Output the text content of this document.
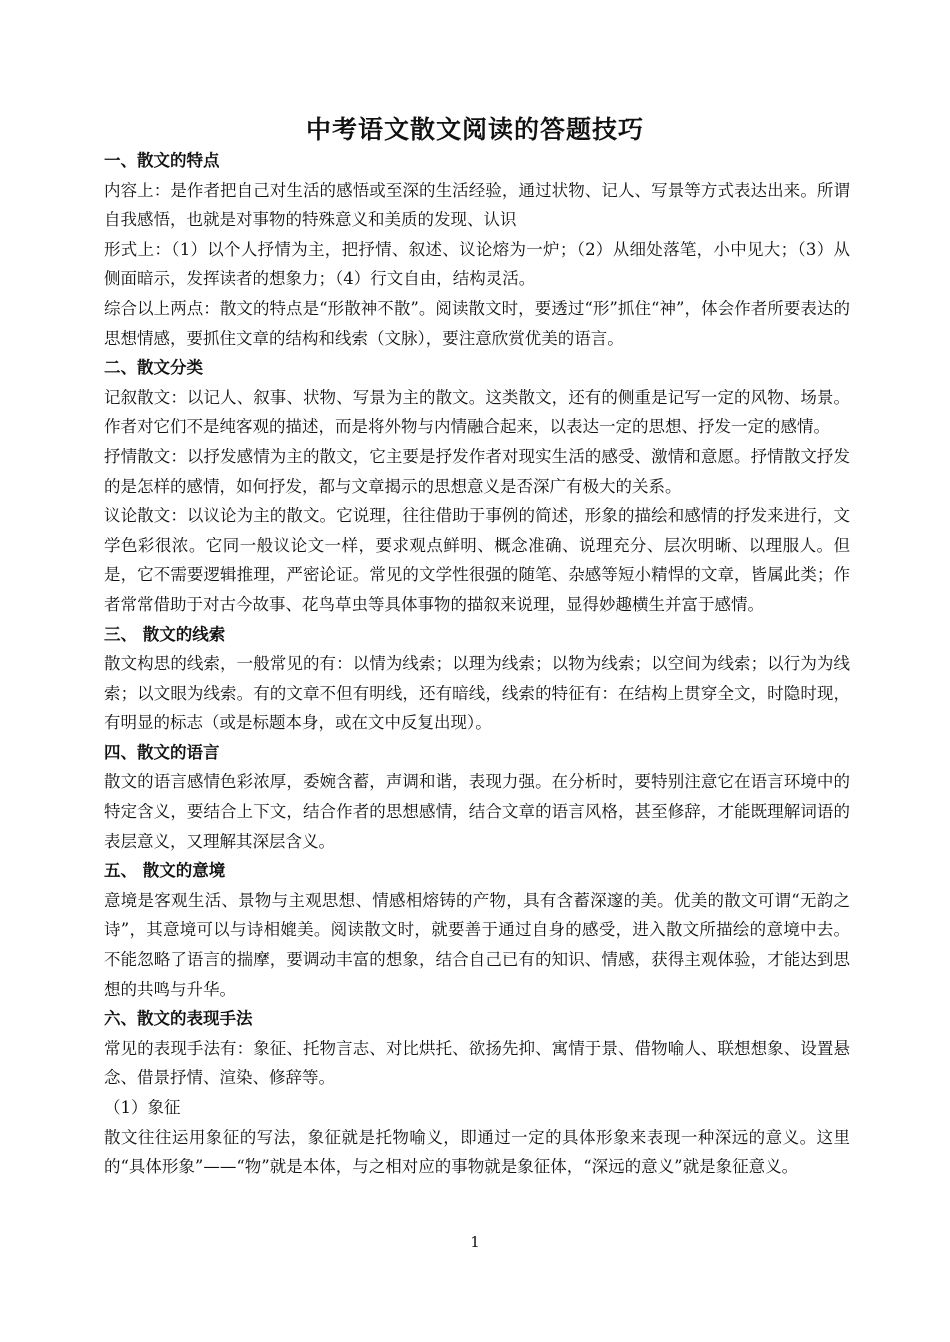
中考语文散文阅读的答题技巧

一、散文的特点

内容上：是作者把自己对生活的感悟或至深的生活经验，通过状物、记人、写景等方式表达出来。所谓自我感悟，也就是对事物的特殊意义和美质的发现、认识

形式上：（1）以个人抒情为主，把抒情、叙述、议论熔为一炉；（2）从细处落笔，小中见大；（3）从侧面暗示，发挥读者的想象力；（4）行文自由，结构灵活。

综合以上两点：散文的特点是“形散神不散”。阅读散文时，要透过“形”抓住“神”，体会作者所要表达的思想情感，要抓住文章的结构和线索（文脉），要注意欣赏优美的语言。

二、散文分类

记叙散文：以记人、叙事、状物、写景为主的散文。这类散文，还有的侧重是记写一定的风物、场景。作者对它们不是纯客观的描述，而是将外物与内情融合起来，以表达一定的思想、抒发一定的感情。

抒情散文：以抒发感情为主的散文，它主要是抒发作者对现实生活的感受、激情和意愿。抒情散文抒发的是怎样的感情，如何抒发，都与文章揭示的思想意义是否深广有极大的关系。

议论散文：以议论为主的散文。它说理，往往借助于事例的简述，形象的描绘和感情的抒发来进行，文学色彩很浓。它同一般议论文一样，要求观点鲜明、概念准确、说理充分、层次明晰、以理服人。但是，它不需要逻辑推理，严密论证。常见的文学性很强的随笔、杂感等短小精悍的文章，皆属此类；作者常常借助于对古今故事、花鸟草虫等具体事物的描叙来说理，显得妙趣横生并富于感情。

三、 散文的线索

散文构思的线索，一般常见的有：以情为线索；以理为线索；以物为线索；以空间为线索；以行为为线索；以文眼为线索。有的文章不但有明线，还有暗线，线索的特征有：在结构上贯穿全文，时隐时现，有明显的标志（或是标题本身，或在文中反复出现）。

四、散文的语言

散文的语言感情色彩浓厚，委婉含蓄，声调和谐，表现力强。在分析时，要特别注意它在语言环境中的特定含义，要结合上下文，结合作者的思想感情，结合文章的语言风格，甚至修辞，才能既理解词语的表层意义，又理解其深层含义。

五、 散文的意境

意境是客观生活、景物与主观思想、情感相熔铸的产物，具有含蓄深邃的美。优美的散文可谓“无韵之诗”，其意境可以与诗相媲美。阅读散文时，就要善于通过自身的感受，进入散文所描绘的意境中去。不能忽略了语言的揣摩，要调动丰富的想象，结合自己已有的知识、情感，获得主观体验，才能达到思想的共鸣与升华。

六、散文的表现手法

常见的表现手法有：象征、托物言志、对比烘托、欲扬先抑、寓情于景、借物喻人、联想想象、设置悬念、借景抒情、渲染、修辞等。

（1）象征

散文往往运用象征的写法，象征就是托物喻义，即通过一定的具体形象来表现一种深远的意义。这里的“具体形象”——“物”就是本体，与之相对应的事物就是象征体，“深远的意义”就是象征意义。

1
